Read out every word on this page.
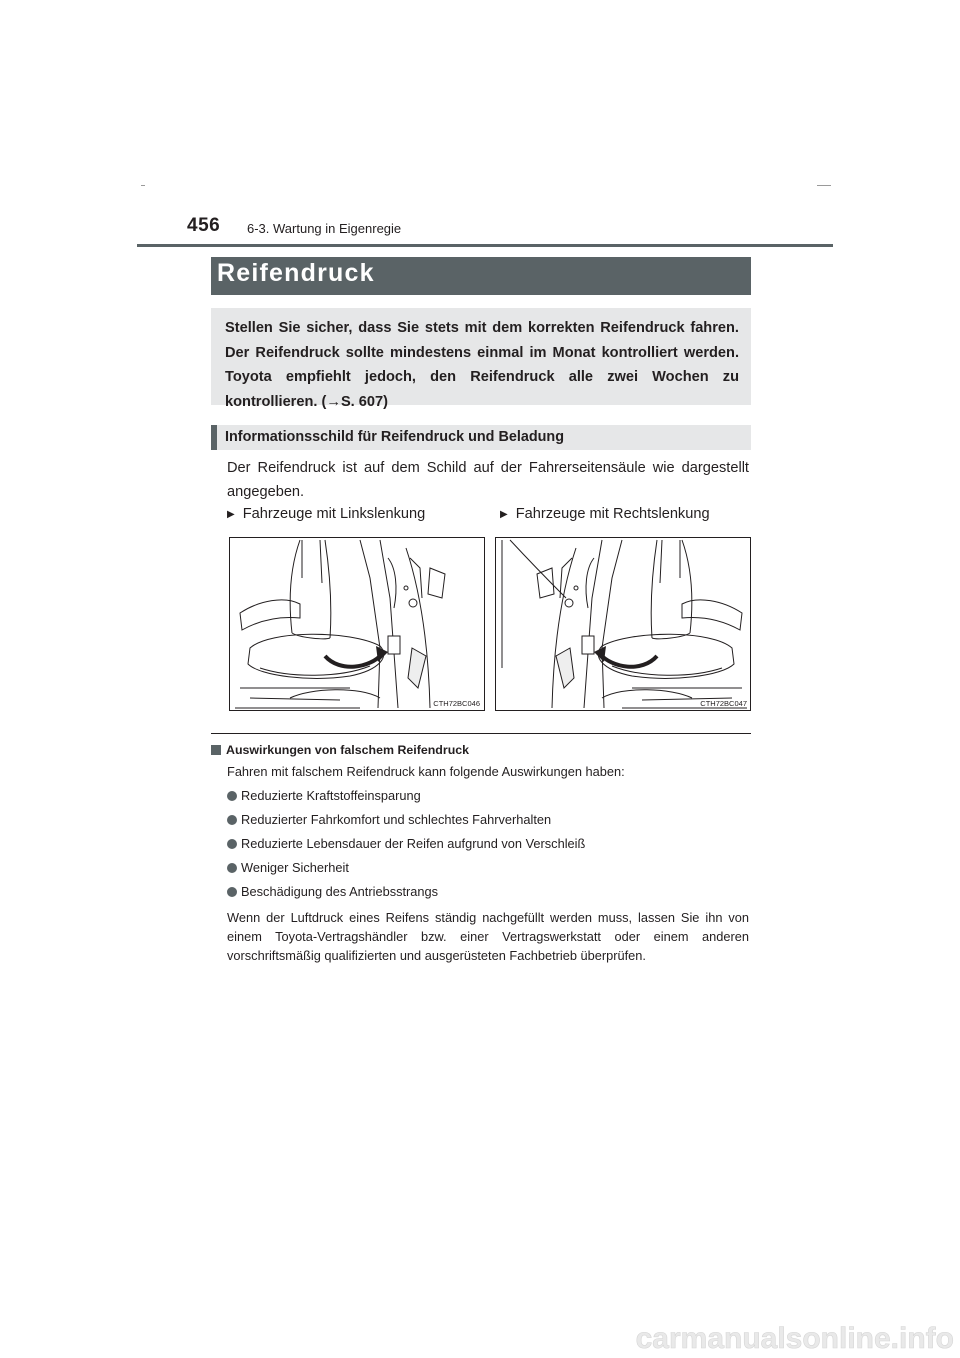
456 6-3. Wartung in Eigenregie
Reifendruck
Stellen Sie sicher, dass Sie stets mit dem korrekten Reifendruck fahren. Der Reifendruck sollte mindestens einmal im Monat kontrolliert werden. Toyota empfiehlt jedoch, den Reifendruck alle zwei Wochen zu kontrollieren. (→S. 607)
Informationsschild für Reifendruck und Beladung
Der Reifendruck ist auf dem Schild auf der Fahrerseitensäule wie dargestellt angegeben.
▶ Fahrzeuge mit Linkslenkung	▶ Fahrzeuge mit Rechtslenkung
CTH72BC046	CTH72BC047
Auswirkungen von falschem Reifendruck
Fahren mit falschem Reifendruck kann folgende Auswirkungen haben:
Reduzierte Kraftstoffeinsparung
Reduzierter Fahrkomfort und schlechtes Fahrverhalten
Reduzierte Lebensdauer der Reifen aufgrund von Verschleiß
Weniger Sicherheit
Beschädigung des Antriebsstrangs
Wenn der Luftdruck eines Reifens ständig nachgefüllt werden muss, lassen Sie ihn von einem Toyota-Vertragshändler bzw. einer Vertragswerkstatt oder einem anderen vorschriftsmäßig qualifizierten und ausgerüsteten Fachbetrieb überprüfen.
carmanualsonline.info
